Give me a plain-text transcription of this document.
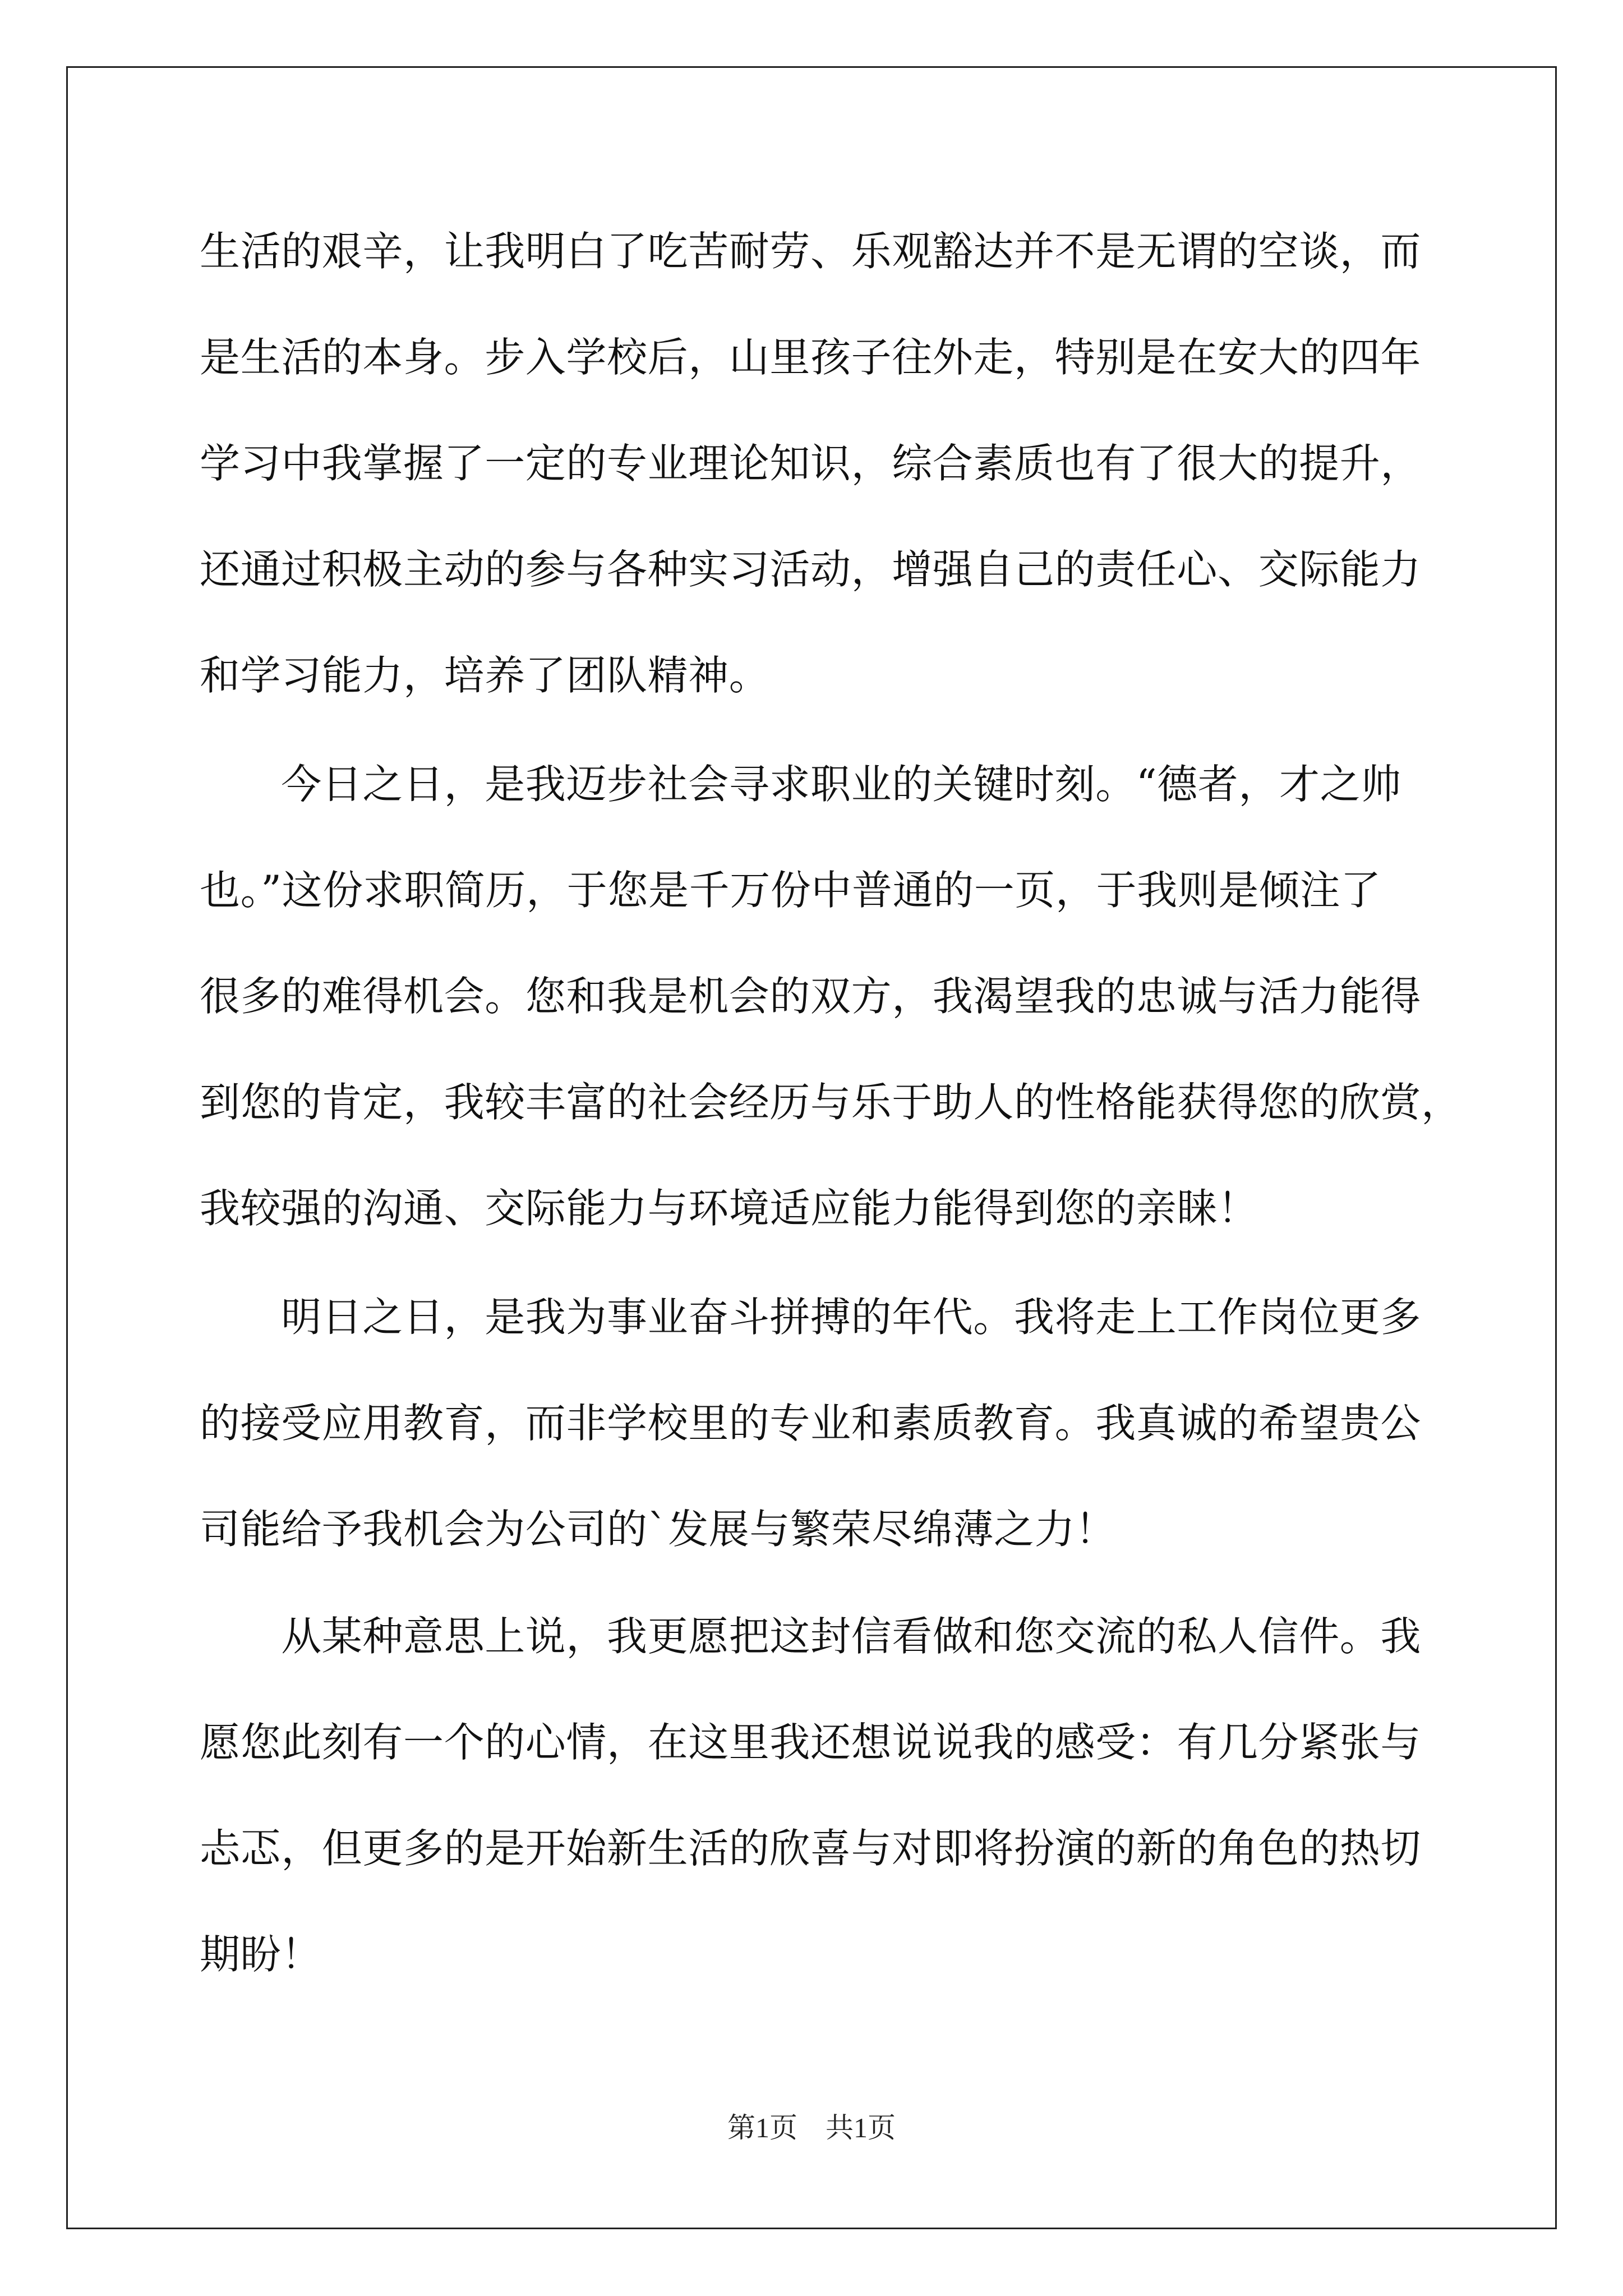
生活的艰辛，让我明白了吃苦耐劳、乐观豁达并不是无谓的空谈，而
是生活的本身。步入学校后，山里孩子往外走，特别是在安大的四年
学习中我掌握了一定的专业理论知识，综合素质也有了很大的提升，
还通过积极主动的参与各种实习活动，增强自己的责任心、交际能力
和学习能力，培养了团队精神。
　　今日之日，是我迈步社会寻求职业的关键时刻。“德者，才之帅
也。”这份求职简历，于您是千万份中普通的一页，于我则是倾注了
很多的难得机会。您和我是机会的双方，我渴望我的忠诚与活力能得
到您的肯定，我较丰富的社会经历与乐于助人的性格能获得您的欣赏，
我较强的沟通、交际能力与环境适应能力能得到您的亲睐！
　　明日之日，是我为事业奋斗拼搏的年代。我将走上工作岗位更多
的接受应用教育，而非学校里的专业和素质教育。我真诚的希望贵公
司能给予我机会为公司的`发展与繁荣尽绵薄之力！
　　从某种意思上说，我更愿把这封信看做和您交流的私人信件。我
愿您此刻有一个的心情，在这里我还想说说我的感受：有几分紧张与
忐忑，但更多的是开始新生活的欣喜与对即将扮演的新的角色的热切
期盼！
第1页　共1页
